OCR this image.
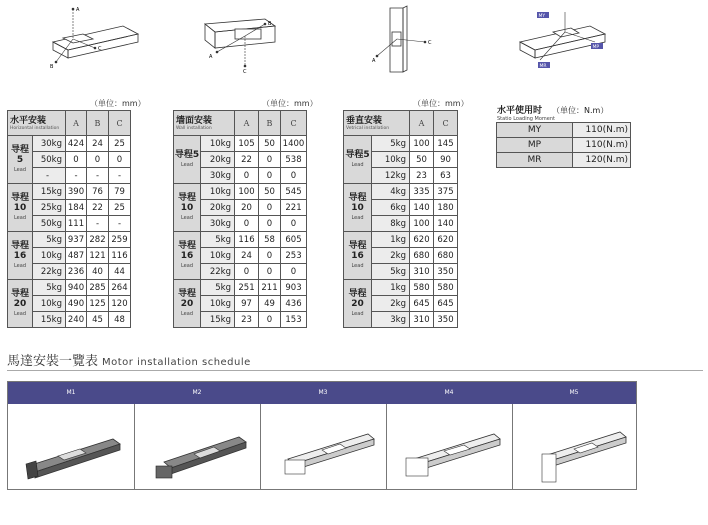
A
C
B
B
A
C
C
A
MY
MP
MR
（单位：mm）	（单位：mm）	（单位：mm）
水平安装
Horizontal installation		A	B	C
导程5
Lead	30kg	424	24	25
	50kg	0	0	0
	-	-	-	-
导程10
Lead	15kg	390	76	79
	25kg	184	22	25
	50kg	111	-	-
导程16
Lead	5kg	937	282	259
	10kg	487	121	116
	22kg	236	40	44
导程20
Lead	5kg	940	285	264
	10kg	490	125	120
	15kg	240	45	48
墙面安装
Wall installation		A	B	C
导程5
Lead	10kg	105	50	1400
	20kg	22	0	538
	30kg	0	0	0
导程10
Lead	10kg	100	50	545
	20kg	20	0	221
	30kg	0	0	0
导程16
Lead	5kg	116	58	605
	10kg	24	0	253
	22kg	0	0	0
导程20
Lead	5kg	251	211	903
	10kg	97	49	436
	15kg	23	0	153
垂直安装
Vetrical installation		A	C
导程5
Lead	5kg	100	145
	10kg	50	90
	12kg	23	63
导程10
Lead	4kg	335	375
	6kg	140	180
	8kg	100	140
导程16
Lead	1kg	620	620
	2kg	680	680
	5kg	310	350
导程20
Lead	1kg	580	580
	2kg	645	645
	3kg	310	350
水平使用时 （单位：N.m）
Statio Loading Moment
MY	110(N.m)
MP	110(N.m)
MR	120(N.m)
馬達安裝一覽表 Motor installation schedule
M1	M2	M3	M4	M5
